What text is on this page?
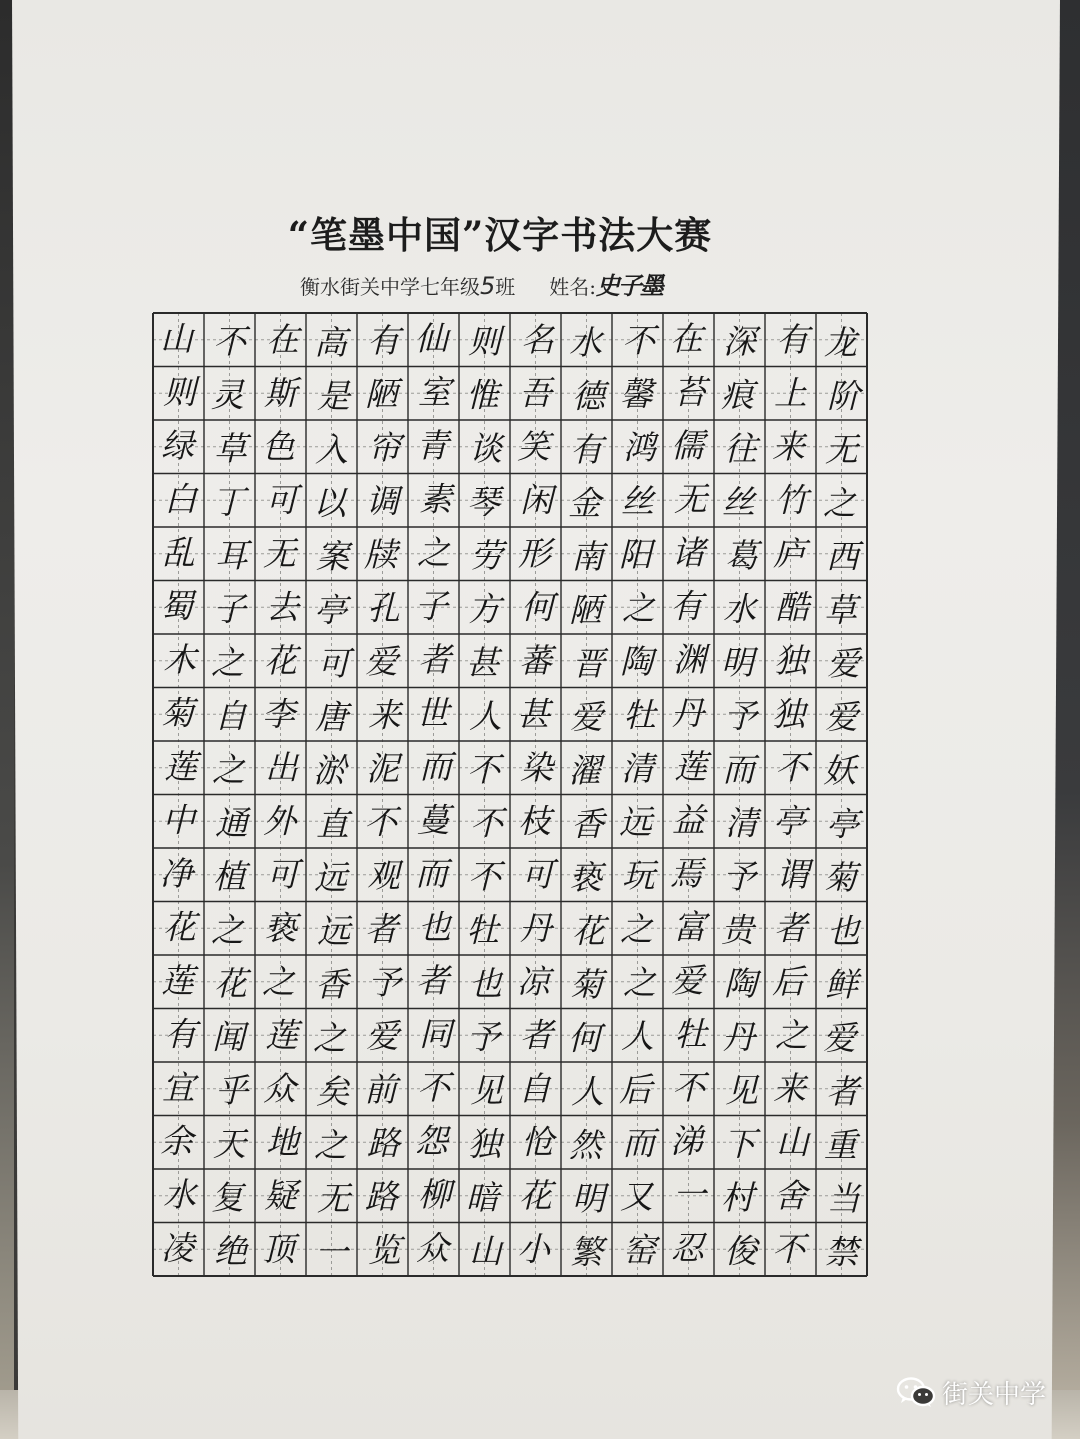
“笔墨中国”汉字书法大赛
衡水街关中学七年级5班 姓名:史子墨
山
则
绿
白
乱
蜀
木
菊
莲
中
净
花
莲
有
宜
余
水
凌
不
灵
草
丁
耳
子
之
自
之
通
植
之
花
闻
乎
天
复
绝
在
斯
色
可
无
去
花
李
出
外
可
亵
之
莲
众
地
疑
顶
高
是
入
以
案
亭
可
唐
淤
直
远
远
香
之
矣
之
无
一
有
陋
帘
调
牍
孔
爱
来
泥
不
观
者
予
爱
前
路
路
览
仙
室
青
素
之
子
者
世
而
蔓
而
也
者
同
不
怨
柳
众
则
惟
谈
琴
劳
方
甚
人
不
不
不
牡
也
予
见
独
暗
山
名
吾
笑
闲
形
何
蕃
甚
染
枝
可
丹
凉
者
自
怆
花
小
水
德
有
金
南
陋
晋
爱
濯
香
亵
花
菊
何
人
然
明
繁
不
馨
鸿
丝
阳
之
陶
牡
清
远
玩
之
之
人
后
而
又
窑
在
苔
儒
无
诸
有
渊
丹
莲
益
焉
富
爱
牡
不
涕
一
忍
深
痕
往
丝
葛
水
明
予
而
清
予
贵
陶
丹
见
下
村
俊
有
上
来
竹
庐
酷
独
独
不
亭
谓
者
后
之
来
山
舍
不
龙
阶
无
之
西
草
爱
爱
妖
亭
菊
也
鲜
爱
者
重
当
禁
街关中学
